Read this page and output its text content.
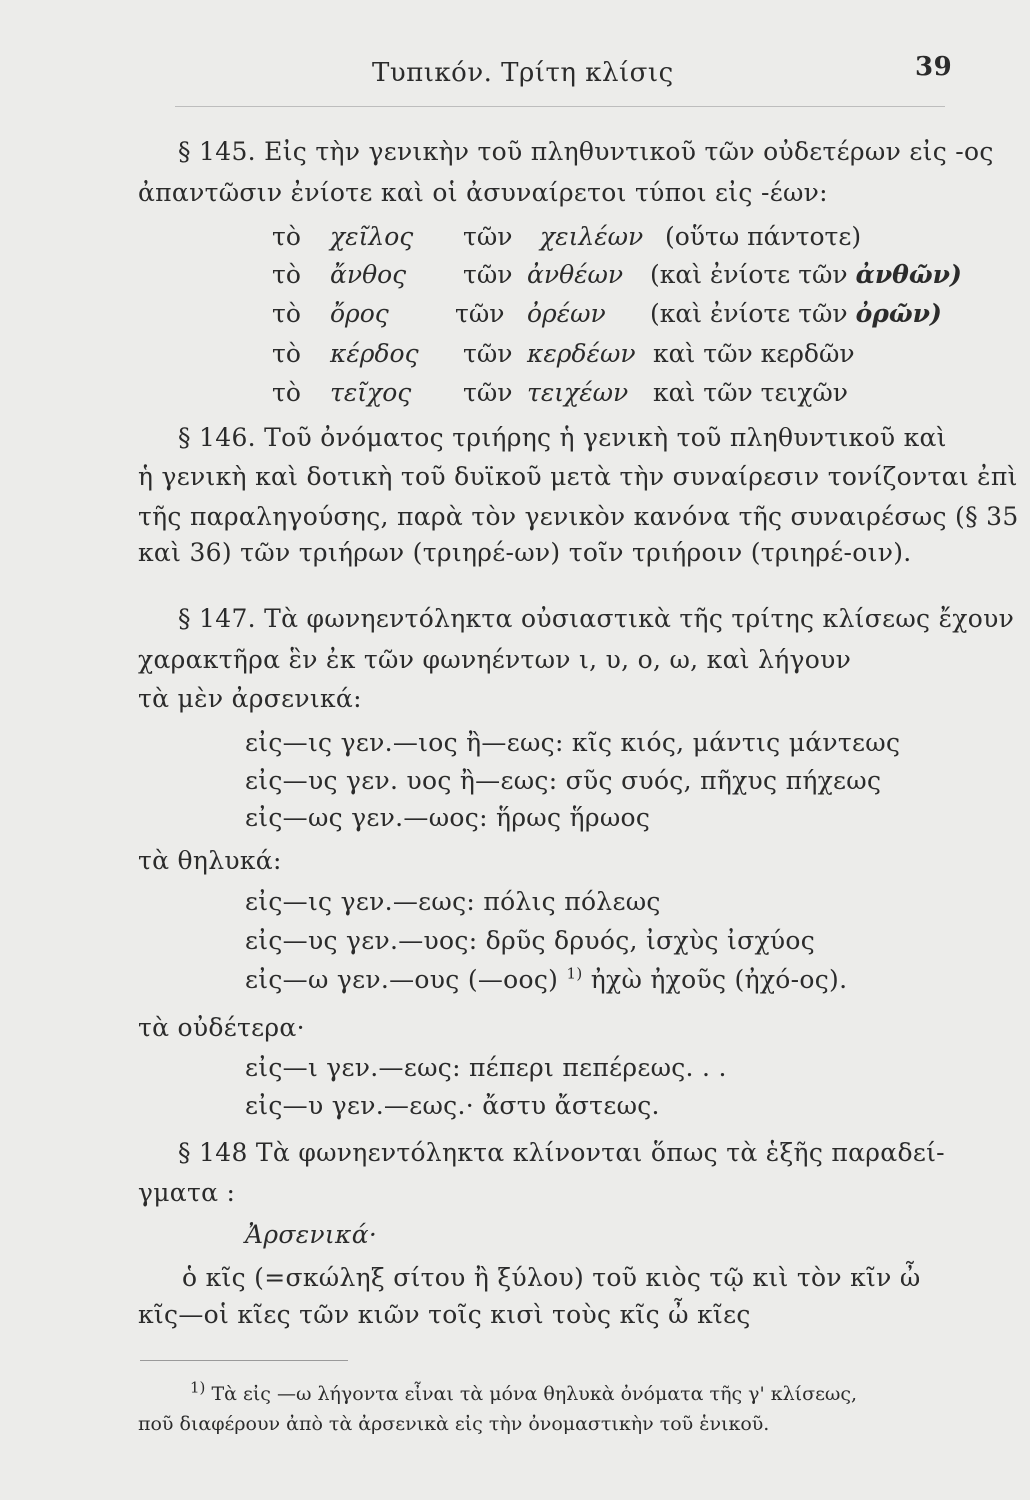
Τυπικόν. Τρίτη κλίσις	39
§ 145. Εἰς τὴν γενικὴν τοῦ πληθυντικοῦ τῶν οὐδετέρων εἰς -ος
ἀπαντῶσιν ἐνίοτε καὶ οἱ ἀσυναίρετοι τύποι εἰς -έων:
τὸ χεῖλος τῶν χειλέων (οὕτω πάντοτε)
τὸ ἄνθος τῶν ἀνθέων (καὶ ἐνίοτε τῶν ἀνθῶν)
τὸ ὄρος	τῶν ὀρέων (καὶ ἐνίοτε τῶν ὀρῶν)
τὸ κέρδος τῶν κερδέων καὶ τῶν κερδῶν
τὸ τεῖχος τῶν τειχέων καὶ τῶν τειχῶν
§ 146. Τοῦ ὀνόματος τριήρης ἡ γενικὴ τοῦ πληθυντικοῦ καὶ
ἡ γενικὴ καὶ δοτικὴ τοῦ δυϊκοῦ μετὰ τὴν συναίρεσιν τονίζονται ἐπὶ
τῆς παραληγούσης, παρὰ τὸν γενικὸν κανόνα τῆς συναιρέσως (§ 35
καὶ 36) τῶν τριήρων (τριηρέ-ων) τοῖν τριήροιν (τριηρέ-οιν).
§ 147. Τὰ φωνηεντόληκτα οὐσιαστικὰ τῆς τρίτης κλίσεως ἔχουν
χαρακτῆρα ἓν ἐκ τῶν φωνηέντων ι, υ, ο, ω, καὶ λήγουν
τὰ μὲν ἀρσενικά:
εἰς—ις γεν.—ιος ἢ—εως: κῖς κιός, μάντις μάντεως
εἰς—υς γεν. υος ἢ—εως: σῦς συός, πῆχυς πήχεως
εἰς—ως γεν.—ωος: ἥρως ἥρωος
τὰ θηλυκά:
εἰς—ις γεν.—εως: πόλις πόλεως
εἰς—υς γεν.—υος: δρῦς δρυός, ἰσχὺς ἰσχύος
εἰς—ω γεν.—ους (—οος) $^{1)}$ ἠχὼ ἠχοῦς (ἠχό-ος).
τὰ οὐδέτερα·
εἰς—ι γεν.—εως: πέπερι πεπέρεως. . .
εἰς—υ γεν.—εως.· ἄστυ ἄστεως.
§ 148 Τὰ φωνηεντόληκτα κλίνονται ὅπως τὰ ἑξῆς παραδεί-
γματα :
Ἀρσενικά·
ὁ κῖς (=σκώληξ σίτου ἢ ξύλου) τοῦ κιὸς τῷ κιὶ τὸν κῖν ὦ
κῖς—οἱ κῖες τῶν κιῶν τοῖς κισὶ τοὺς κῖς ὦ κῖες
$^{1)}$ Τὰ εἰς —ω λήγοντα εἶναι τὰ μόνα θηλυκὰ ὀνόματα τῆς γ' κλίσεως,
ποῦ διαφέρουν ἀπὸ τὰ ἀρσενικὰ εἰς τὴν ὀνομαστικὴν τοῦ ἑνικοῦ.
